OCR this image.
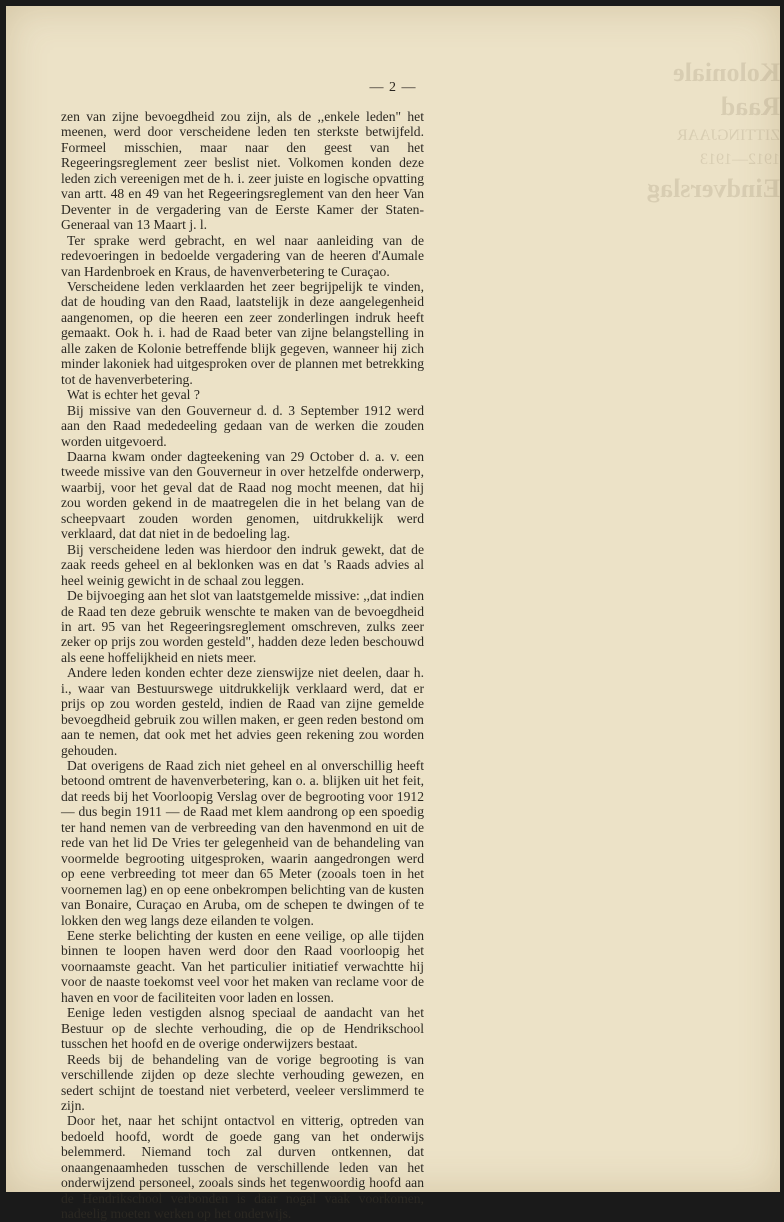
Koloniale Raad
ZITTINGJAAR 1912—1913
Eindverslag
— 2 —

zen van zijne bevoegdheid zou zijn, als de ,,enkele leden" het meenen, werd door verscheidene leden ten sterkste betwijfeld. Formeel misschien, maar naar den geest van het Regeeringsreglement zeer beslist niet. Volkomen konden deze leden zich vereenigen met de h. i. zeer juiste en logische opvatting van artt. 48 en 49 van het Regeeringsreglement van den heer Van Deventer in de vergadering van de Eerste Kamer der Staten-Generaal van 13 Maart j. l.

Ter sprake werd gebracht, en wel naar aanleiding van de redevoeringen in bedoelde vergadering van de heeren d'Aumale van Hardenbroek en Kraus, de havenverbetering te Curaçao.

Verscheidene leden verklaarden het zeer begrijpelijk te vinden, dat de houding van den Raad, laatstelijk in deze aangelegenheid aangenomen, op die heeren een zeer zonderlingen indruk heeft gemaakt. Ook h. i. had de Raad beter van zijne belangstelling in alle zaken de Kolonie betreffende blijk gegeven, wanneer hij zich minder lakoniek had uitgesproken over de plannen met betrekking tot de havenverbetering.

Wat is echter het geval ?

Bij missive van den Gouverneur d. d. 3 September 1912 werd aan den Raad mededeeling gedaan van de werken die zouden worden uitgevoerd.

Daarna kwam onder dagteekening van 29 October d. a. v. een tweede missive van den Gouverneur in over hetzelfde onderwerp, waarbij, voor het geval dat de Raad nog mocht meenen, dat hij zou worden gekend in de maatregelen die in het belang van de scheepvaart zouden worden genomen, uitdrukkelijk werd verklaard, dat dat niet in de bedoeling lag.

Bij verscheidene leden was hierdoor den indruk gewekt, dat de zaak reeds geheel en al beklonken was en dat 's Raads advies al heel weinig gewicht in de schaal zou leggen.

De bijvoeging aan het slot van laatstgemelde missive: ,,dat indien de Raad ten deze gebruik wenschte te maken van de bevoegdheid in art. 95 van het Regeeringsreglement omschreven, zulks zeer zeker op prijs zou worden gesteld", hadden deze leden beschouwd als eene hoffelijkheid en niets meer.

Andere leden konden echter deze zienswijze niet deelen, daar h. i., waar van Bestuurswege uitdrukkelijk verklaard werd, dat er prijs op zou worden gesteld, indien de Raad van zijne gemelde bevoegdheid gebruik zou willen maken, er geen reden bestond om aan te nemen, dat ook met het advies geen rekening zou worden gehouden.

Dat overigens de Raad zich niet geheel en al onverschillig heeft betoond omtrent de havenverbetering, kan o. a. blijken uit het feit, dat reeds bij het Voorloopig Verslag over de begrooting voor 1912 — dus begin 1911 — de Raad met klem aandrong op een spoedig ter hand nemen van de verbreeding van den havenmond en uit de rede van het lid De Vries ter gelegenheid van de behandeling van voormelde begrooting uitgesproken, waarin aangedrongen werd op eene verbreeding tot meer dan 65 Meter (zooals toen in het voornemen lag) en op eene onbekrompen belichting van de kusten van Bonaire, Curaçao en Aruba, om de schepen te dwingen of te lokken den weg langs deze eilanden te volgen.

Eene sterke belichting der kusten en eene veilige, op alle tijden binnen te loopen haven werd door den Raad voorloopig het voornaamste geacht. Van het particulier initiatief verwachtte hij voor de naaste toekomst veel voor het maken van reclame voor de haven en voor de faciliteiten voor laden en lossen.

Eenige leden vestigden alsnog speciaal de aandacht van het Bestuur op de slechte verhouding, die op de Hendrikschool tusschen het hoofd en de overige onderwijzers bestaat.

Reeds bij de behandeling van de vorige begrooting is van verschillende zijden op deze slechte verhouding gewezen, en sedert schijnt de toestand niet verbeterd, veeleer verslimmerd te zijn.

Door het, naar het schijnt ontactvol en vitterig, optreden van bedoeld hoofd, wordt de goede gang van het onderwijs belemmerd. Niemand toch zal durven ontkennen, dat onaangenaamheden tusschen de verschillende leden van het onderwijzend personeel, zooals sinds het tegenwoordig hoofd aan de Hendrikschool verbonden is daar nogal vaak voorkomen, nadeelig moeten werken op het onderwijs.
